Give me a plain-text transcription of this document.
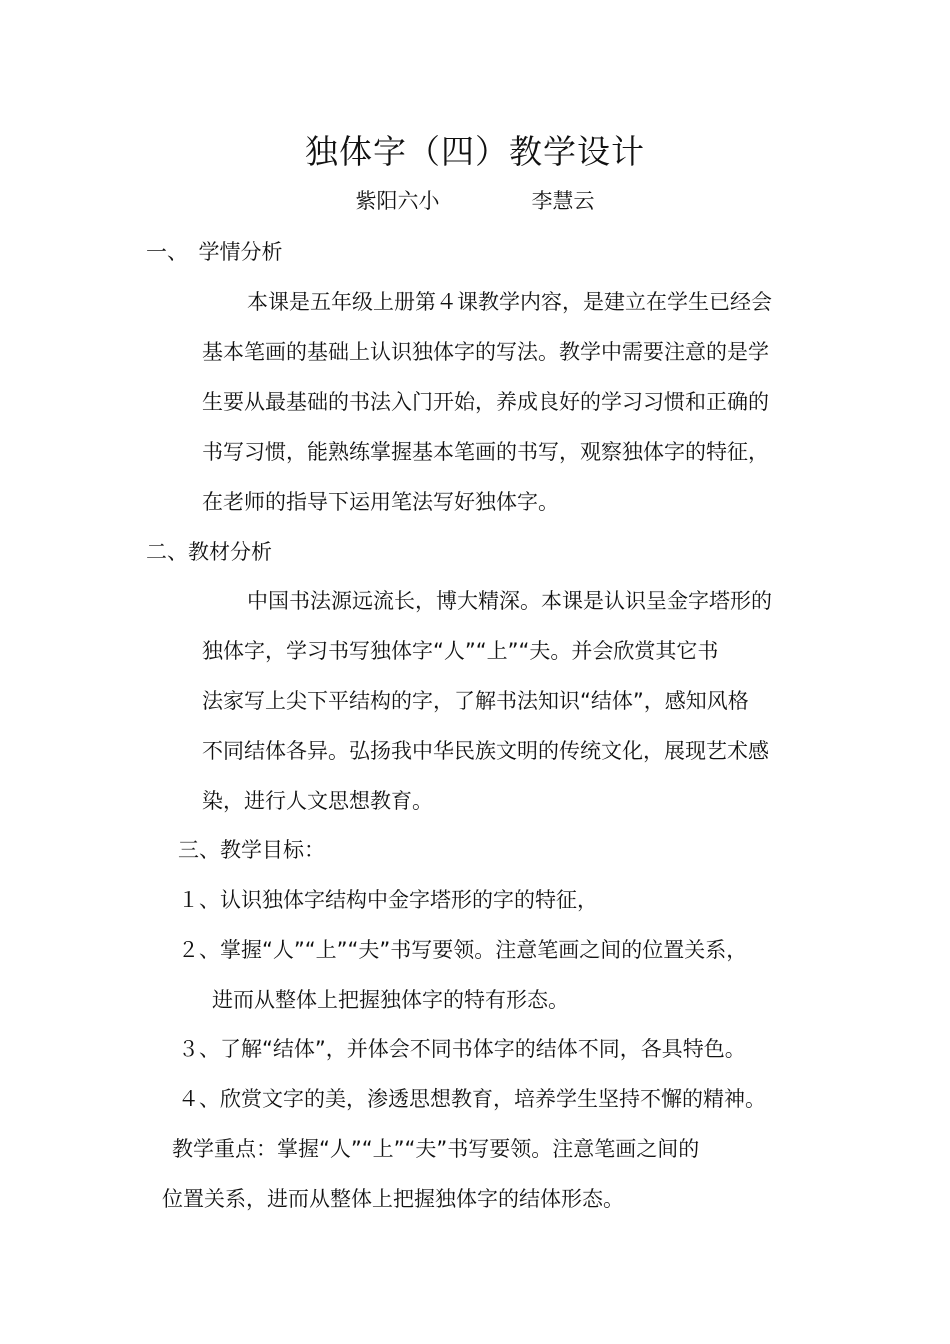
独体字（四）教学设计
紫阳六小	李慧云
一、　学情分析
本课是五年级上册第４课教学内容，是建立在学生已经会
基本笔画的基础上认识独体字的写法。教学中需要注意的是学
生要从最基础的书法入门开始，养成良好的学习习惯和正确的
书写习惯，能熟练掌握基本笔画的书写，观察独体字的特征，
在老师的指导下运用笔法写好独体字。
二、教材分析
中国书法源远流长，博大精深。本课是认识呈金字塔形的
独体字，学习书写独体字“人”“上”“夫。并会欣赏其它书
法家写上尖下平结构的字，了解书法知识“结体”，感知风格
不同结体各异。弘扬我中华民族文明的传统文化，展现艺术感
染，进行人文思想教育。
三、教学目标：
１、认识独体字结构中金字塔形的字的特征，
２、掌握“人”“上”“夫”书写要领。注意笔画之间的位置关系，
进而从整体上把握独体字的特有形态。
３、了解“结体”，并体会不同书体字的结体不同，各具特色。
４、欣赏文字的美，渗透思想教育，培养学生坚持不懈的精神。
教学重点：掌握“人”“上”“夫”书写要领。注意笔画之间的
位置关系，进而从整体上把握独体字的结体形态。
